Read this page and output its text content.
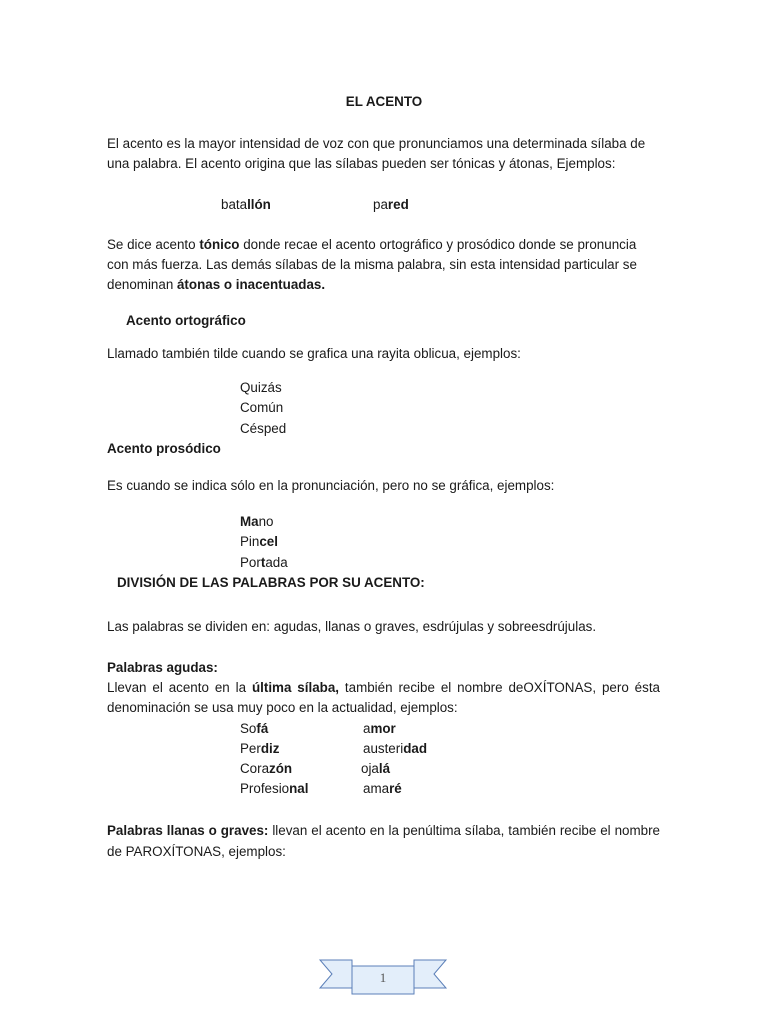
EL ACENTO

El acento es la mayor intensidad de voz con que pronunciamos una determinada sílaba de

una palabra. El acento origina que las sílabas pueden ser tónicas y átonas, Ejemplos:

batallón	pared

Se dice acento tónico donde recae el acento ortográfico y prosódico donde se pronuncia

con más fuerza. Las demás sílabas de la misma palabra, sin esta intensidad particular se

denominan átonas o inacentuadas.

Acento ortográfico
Llamado también tilde cuando se grafica una rayita oblicua, ejemplos:
Quizás
Común
Césped
Acento prosódico
Es cuando se indica sólo en la pronunciación, pero no se gráfica, ejemplos:
Mano
Pincel
Portada
DIVISIÓN DE LAS PALABRAS POR SU ACENTO:
Las palabras se dividen en: agudas, llanas o graves, esdrújulas y sobreesdrújulas.
Palabras agudas:
Llevan el acento en la última sílaba, también recibe el nombre deOXÍTONAS, pero ésta denominación se usa muy poco en la actualidad, ejemplos:
Sofá
Perdiz
Corazón
Profesional
amor
austeridad
ojalá
amaré
Palabras llanas o graves: llevan el acento en la penúltima sílaba, también recibe el nombre de PAROXÍTONAS, ejemplos:
1
